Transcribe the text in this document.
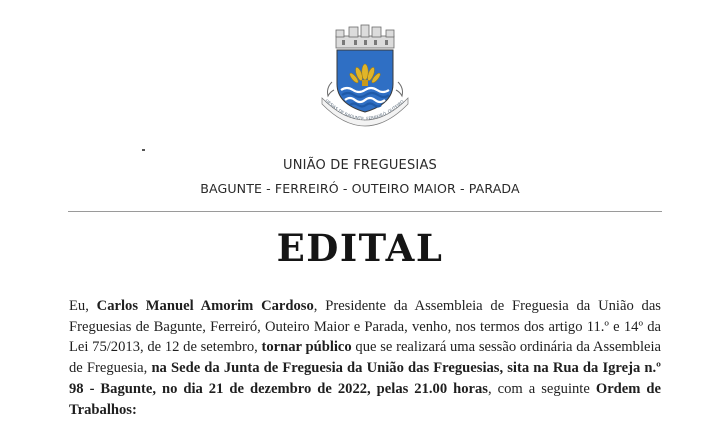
UESIAS DE BAGUNTE, FERREIRÓ, OUTEIRO
UNIÃO DE FREGUESIAS
BAGUNTE - FERREIRÓ - OUTEIRO MAIOR - PARADA
EDITAL
Eu, Carlos Manuel Amorim Cardoso, Presidente da Assembleia de Freguesia da União das Freguesias de Bagunte, Ferreiró, Outeiro Maior e Parada, venho, nos termos dos artigo 11.º e 14º da Lei 75/2013, de 12 de setembro, tornar público que se realizará uma sessão ordinária da Assembleia de Freguesia, na Sede da Junta de Freguesia da União das Freguesias, sita na Rua da Igreja n.º 98 - Bagunte, no dia 21 de dezembro de 2022, pelas 21.00 horas, com a seguinte Ordem de Trabalhos:
